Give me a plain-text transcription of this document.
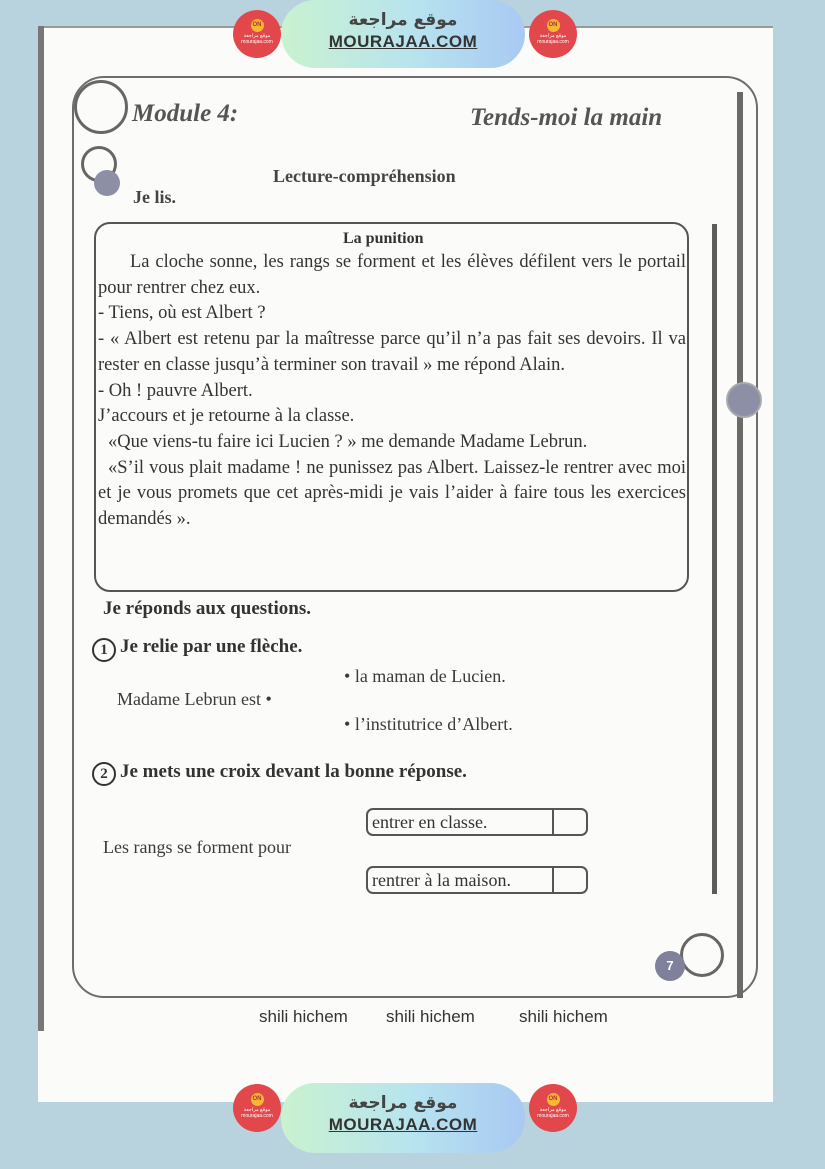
ON
موقع مراجعة
mourajaa.com
موقع مراجعة
MOURAJAA.COM
ON
موقع مراجعة
mourajaa.com
7
Module 4:	Tends-moi la main
Lecture-compréhension
Je lis.
La punition

La cloche sonne, les rangs se forment et les élèves défilent vers le portail pour rentrer chez eux.

- Tiens, où est Albert ?

- « Albert est retenu par la maîtresse parce qu’il n’a pas fait ses devoirs. Il va rester en classe jusqu’à terminer son travail » me répond Alain.

- Oh ! pauvre Albert.

J’accours et je retourne à la classe.

«Que viens-tu faire ici Lucien ? » me demande Madame Lebrun.

«S’il vous plait madame ! ne punissez pas Albert. Laissez-le rentrer avec moi et je vous promets que cet après-midi je vais l’aider à faire tous les exercices demandés ».

Je réponds aux questions.
1 Je relie par une flèche.
• la maman de Lucien.
Madame Lebrun est •
• l’institutrice d’Albert.
2 Je mets une croix devant la bonne réponse.
Les rangs se forment pour
entrer en classe.
rentrer à la maison.
shili hichem shili hichem	shili hichem
ON
موقع مراجعة
mourajaa.com
موقع مراجعة
MOURAJAA.COM
ON
موقع مراجعة
mourajaa.com
